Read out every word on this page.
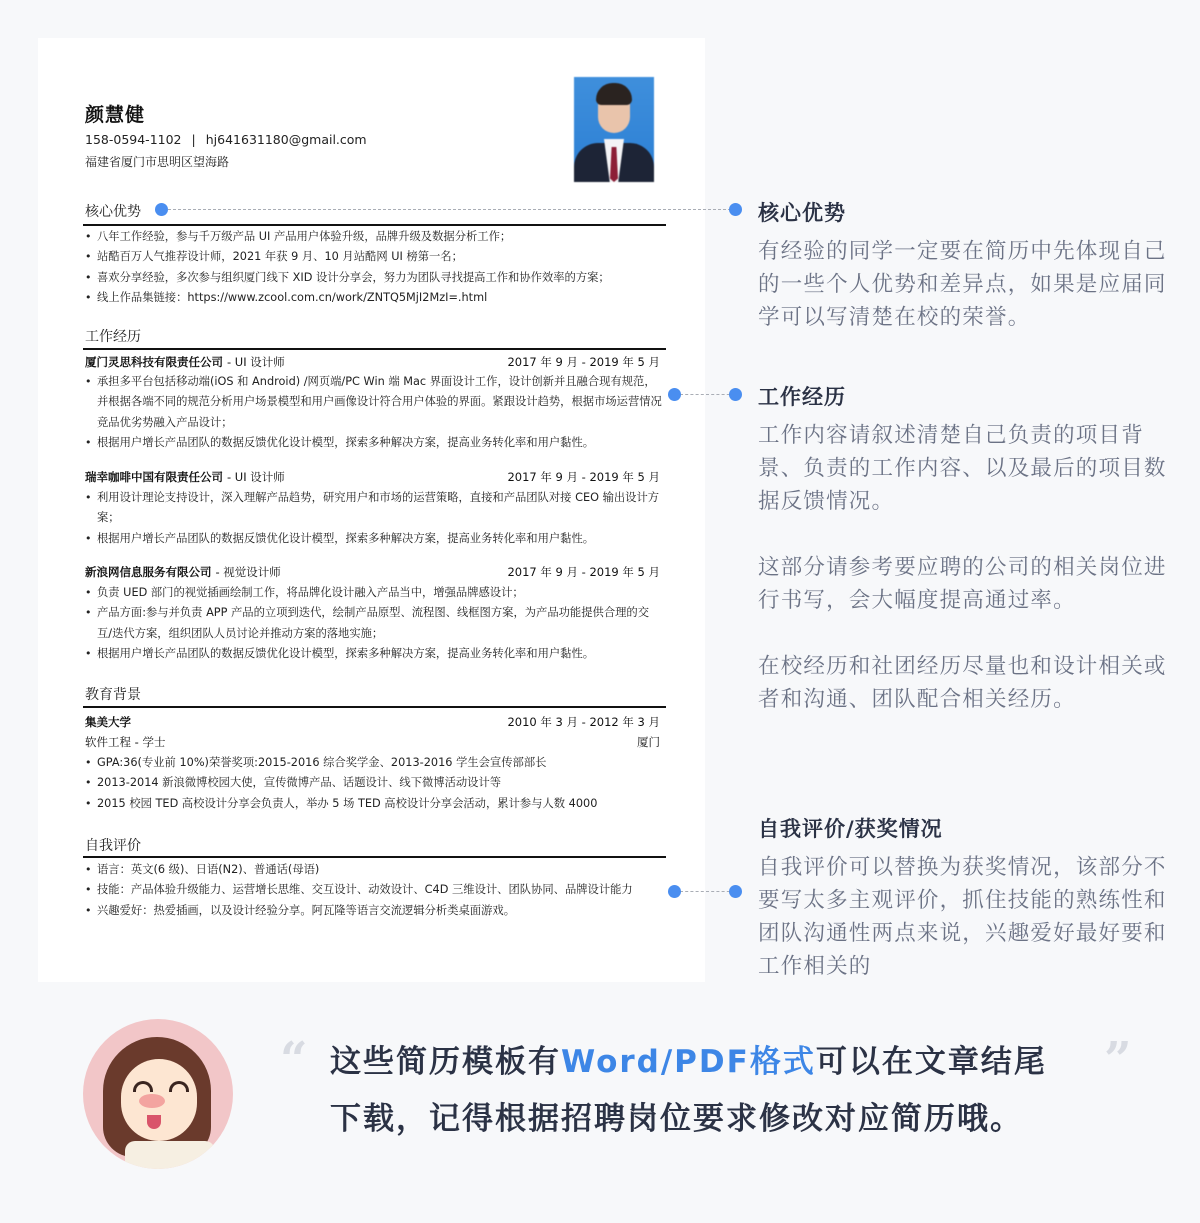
颜慧健
158-0594-1102 | hj641631180@gmail.com
福建省厦门市思明区望海路
核心优势
• 八年工作经验，参与千万级产品 UI 产品用户体验升级，品牌升级及数据分析工作；
• 站酷百万人气推荐设计师，2021 年获 9 月、10 月站酷网 UI 榜第一名；
• 喜欢分享经验，多次参与组织厦门线下 XID 设计分享会，努力为团队寻找提高工作和协作效率的方案；
• 线上作品集链接：https://www.zcool.com.cn/work/ZNTQ5MjI2MzI=.html
工作经历
厦门灵思科技有限责任公司 - UI 设计师	2017 年 9 月 - 2019 年 5 月
• 承担多平台包括移动端(iOS 和 Android) /网页端/PC Win 端 Mac 界面设计工作，设计创新并且融合现有规范，并根据各端不同的规范分析用户场景模型和用户画像设计符合用户体验的界面。紧跟设计趋势，根据市场运营情况竞品优劣势融入产品设计；
• 根据用户增长产品团队的数据反馈优化设计模型，探索多种解决方案，提高业务转化率和用户黏性。
瑞幸咖啡中国有限责任公司 - UI 设计师	2017 年 9 月 - 2019 年 5 月
• 利用设计理论支持设计，深入理解产品趋势，研究用户和市场的运营策略，直接和产品团队对接 CEO 输出设计方案；
• 根据用户增长产品团队的数据反馈优化设计模型，探索多种解决方案，提高业务转化率和用户黏性。
新浪网信息服务有限公司 - 视觉设计师	2017 年 9 月 - 2019 年 5 月
• 负责 UED 部门的视觉插画绘制工作，将品牌化设计融入产品当中，增强品牌感设计；
• 产品方面:参与并负责 APP 产品的立项到迭代，绘制产品原型、流程图、线框图方案，为产品功能提供合理的交互/迭代方案，组织团队人员讨论并推动方案的落地实施；
• 根据用户增长产品团队的数据反馈优化设计模型，探索多种解决方案，提高业务转化率和用户黏性。
教育背景
集美大学	2010 年 3 月 - 2012 年 3 月
软件工程 - 学士	厦门
• GPA:36(专业前 10%)荣誉奖项:2015-2016 综合奖学金、2013-2016 学生会宣传部部长
• 2013-2014 新浪微博校园大使，宣传微博产品、话题设计、线下微博活动设计等
• 2015 校园 TED 高校设计分享会负责人，举办 5 场 TED 高校设计分享会活动，累计参与人数 4000
自我评价
• 语言：英文(6 级)、日语(N2)、普通话(母语)
• 技能：产品体验升级能力、运营增长思维、交互设计、动效设计、C4D 三维设计、团队协同、品牌设计能力
• 兴趣爱好：热爱插画，以及设计经验分享。阿瓦隆等语言交流逻辑分析类桌面游戏。
核心优势
有经验的同学一定要在简历中先体现自己的一些个人优势和差异点，如果是应届同学可以写清楚在校的荣誉。
工作经历
工作内容请叙述清楚自己负责的项目背景、负责的工作内容、以及最后的项目数据反馈情况。
这部分请参考要应聘的公司的相关岗位进行书写，会大幅度提高通过率。
在校经历和社团经历尽量也和设计相关或者和沟通、团队配合相关经历。
自我评价/获奖情况
自我评价可以替换为获奖情况，该部分不要写太多主观评价，抓住技能的熟练性和团队沟通性两点来说，兴趣爱好最好要和工作相关的
“ 这些简历模板有Word/PDF格式可以在文章结尾 ”
下载，记得根据招聘岗位要求修改对应简历哦。
